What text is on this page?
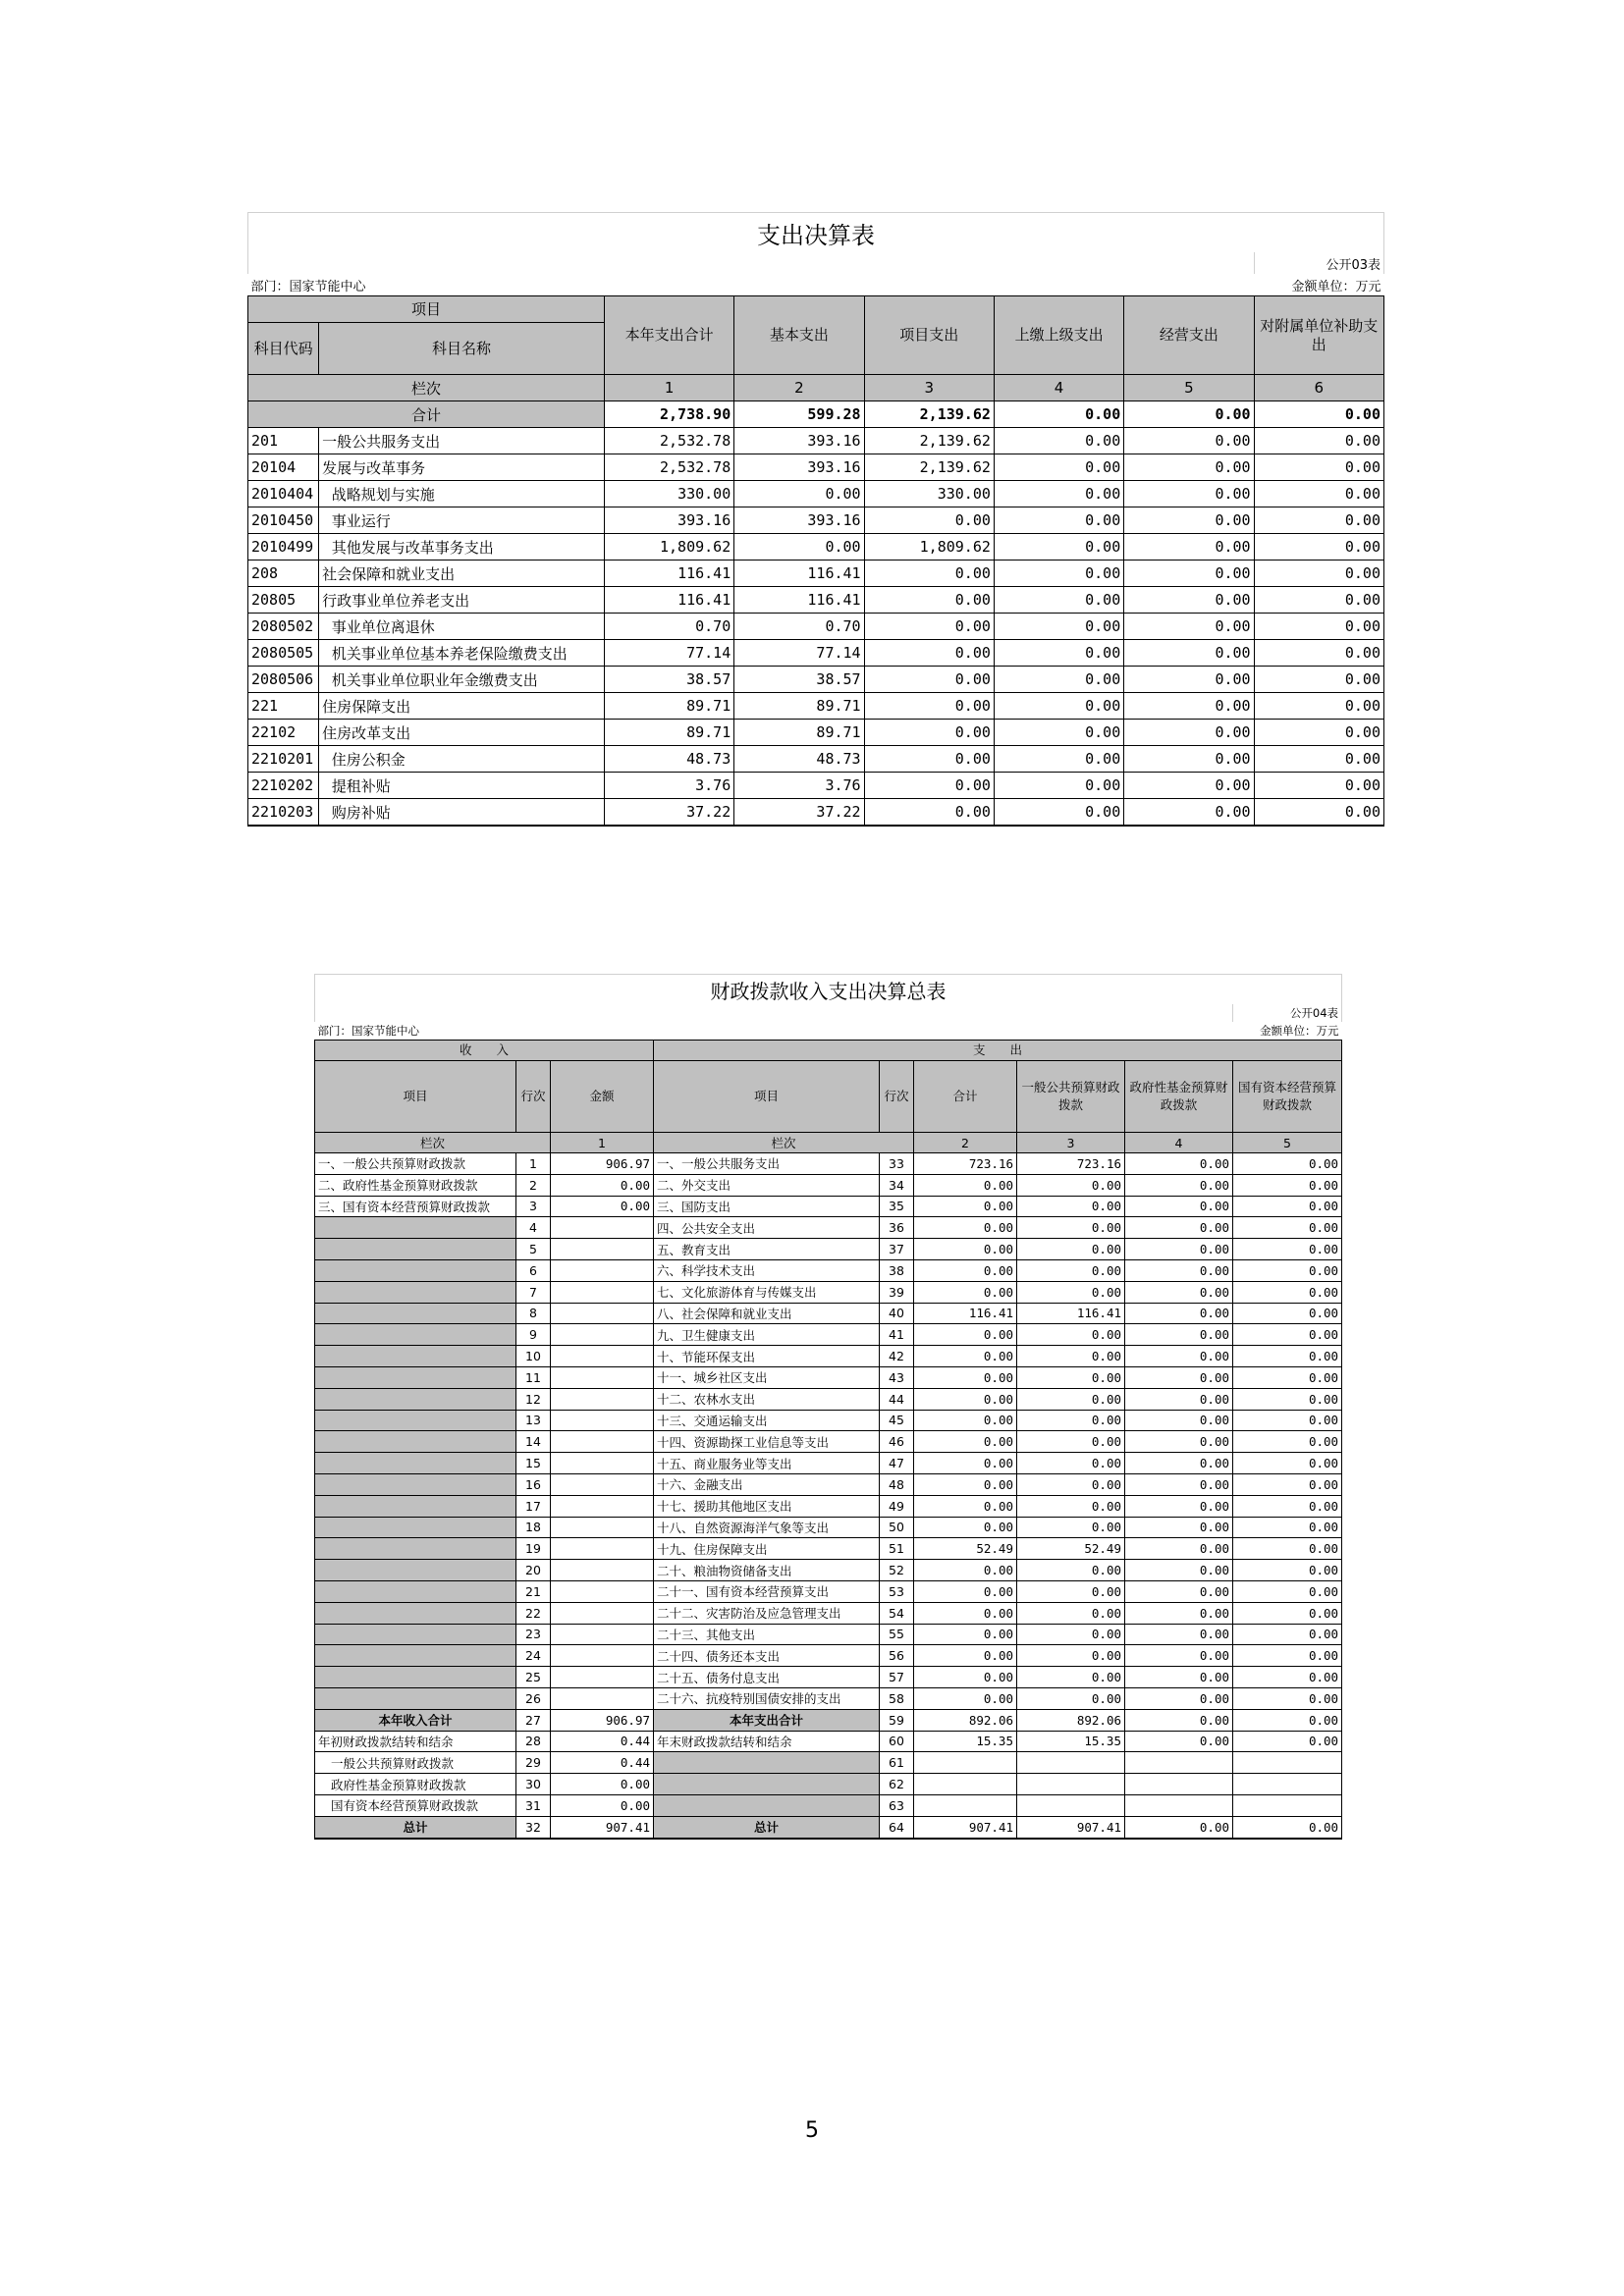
支出决算表							
							公开03表
部门：国家节能中心						金额单位：万元	
项目		本年支出合计	基本支出	项目支出	上缴上级支出	经营支出	对附属单位补助支出
科目代码	科目名称						
栏次		1	2	3	4	5	6
合计		2,738.90	599.28	2,139.62	0.00	0.00	0.00
201	一般公共服务支出	2,532.78	393.16	2,139.62	0.00	0.00	0.00
20104	发展与改革事务	2,532.78	393.16	2,139.62	0.00	0.00	0.00
2010404	战略规划与实施	330.00	0.00	330.00	0.00	0.00	0.00
2010450	事业运行	393.16	393.16	0.00	0.00	0.00	0.00
2010499	其他发展与改革事务支出	1,809.62	0.00	1,809.62	0.00	0.00	0.00
208	社会保障和就业支出	116.41	116.41	0.00	0.00	0.00	0.00
20805	行政事业单位养老支出	116.41	116.41	0.00	0.00	0.00	0.00
2080502	事业单位离退休	0.70	0.70	0.00	0.00	0.00	0.00
2080505	机关事业单位基本养老保险缴费支出	77.14	77.14	0.00	0.00	0.00	0.00
2080506	机关事业单位职业年金缴费支出	38.57	38.57	0.00	0.00	0.00	0.00
221	住房保障支出	89.71	89.71	0.00	0.00	0.00	0.00
22102	住房改革支出	89.71	89.71	0.00	0.00	0.00	0.00
2210201	住房公积金	48.73	48.73	0.00	0.00	0.00	0.00
2210202	提租补贴	3.76	3.76	0.00	0.00	0.00	0.00
2210203	购房补贴	37.22	37.22	0.00	0.00	0.00	0.00
财政拨款收入支出决算总表								
								公开04表
部门：国家节能中心						金额单位：万元		
收　　入			支　　出					
项目	行次	金额	项目	行次	合计	一般公共预算财政拨款	政府性基金预算财政拨款	国有资本经营预算财政拨款
栏次		1	栏次		2	3	4	5
一、一般公共预算财政拨款	1	906.97	一、一般公共服务支出	33	723.16	723.16	0.00	0.00
二、政府性基金预算财政拨款	2	0.00	二、外交支出	34	0.00	0.00	0.00	0.00
三、国有资本经营预算财政拨款	3	0.00	三、国防支出	35	0.00	0.00	0.00	0.00
	4		四、公共安全支出	36	0.00	0.00	0.00	0.00
	5		五、教育支出	37	0.00	0.00	0.00	0.00
	6		六、科学技术支出	38	0.00	0.00	0.00	0.00
	7		七、文化旅游体育与传媒支出	39	0.00	0.00	0.00	0.00
	8		八、社会保障和就业支出	40	116.41	116.41	0.00	0.00
	9		九、卫生健康支出	41	0.00	0.00	0.00	0.00
	10		十、节能环保支出	42	0.00	0.00	0.00	0.00
	11		十一、城乡社区支出	43	0.00	0.00	0.00	0.00
	12		十二、农林水支出	44	0.00	0.00	0.00	0.00
	13		十三、交通运输支出	45	0.00	0.00	0.00	0.00
	14		十四、资源勘探工业信息等支出	46	0.00	0.00	0.00	0.00
	15		十五、商业服务业等支出	47	0.00	0.00	0.00	0.00
	16		十六、金融支出	48	0.00	0.00	0.00	0.00
	17		十七、援助其他地区支出	49	0.00	0.00	0.00	0.00
	18		十八、自然资源海洋气象等支出	50	0.00	0.00	0.00	0.00
	19		十九、住房保障支出	51	52.49	52.49	0.00	0.00
	20		二十、粮油物资储备支出	52	0.00	0.00	0.00	0.00
	21		二十一、国有资本经营预算支出	53	0.00	0.00	0.00	0.00
	22		二十二、灾害防治及应急管理支出	54	0.00	0.00	0.00	0.00
	23		二十三、其他支出	55	0.00	0.00	0.00	0.00
	24		二十四、债务还本支出	56	0.00	0.00	0.00	0.00
	25		二十五、债务付息支出	57	0.00	0.00	0.00	0.00
	26		二十六、抗疫特别国债安排的支出	58	0.00	0.00	0.00	0.00
本年收入合计	27	906.97	本年支出合计	59	892.06	892.06	0.00	0.00
年初财政拨款结转和结余	28	0.44	年末财政拨款结转和结余	60	15.35	15.35	0.00	0.00
一般公共预算财政拨款	29	0.44		61				
政府性基金预算财政拨款	30	0.00		62				
国有资本经营预算财政拨款	31	0.00		63				
总计	32	907.41	总计	64	907.41	907.41	0.00	0.00
5
